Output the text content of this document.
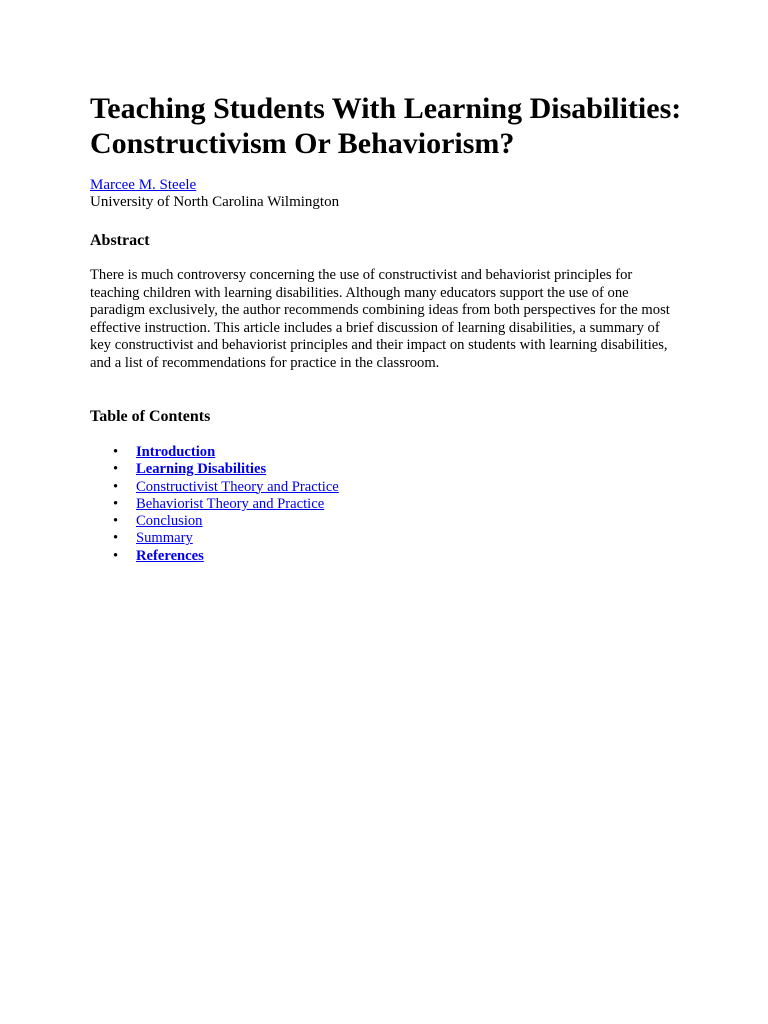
Teaching Students With Learning Disabilities: Constructivism Or Behaviorism?
Marcee M. Steele
University of North Carolina Wilmington
Abstract

There is much controversy concerning the use of constructivist and behaviorist principles for teaching children with learning disabilities. Although many educators support the use of one paradigm exclusively, the author recommends combining ideas from both perspectives for the most effective instruction. This article includes a brief discussion of learning disabilities, a summary of key constructivist and behaviorist principles and their impact on students with learning disabilities, and a list of recommendations for practice in the classroom.

Table of Contents
• Introduction
• Learning Disabilities
• Constructivist Theory and Practice
• Behaviorist Theory and Practice
• Conclusion
• Summary
• References
